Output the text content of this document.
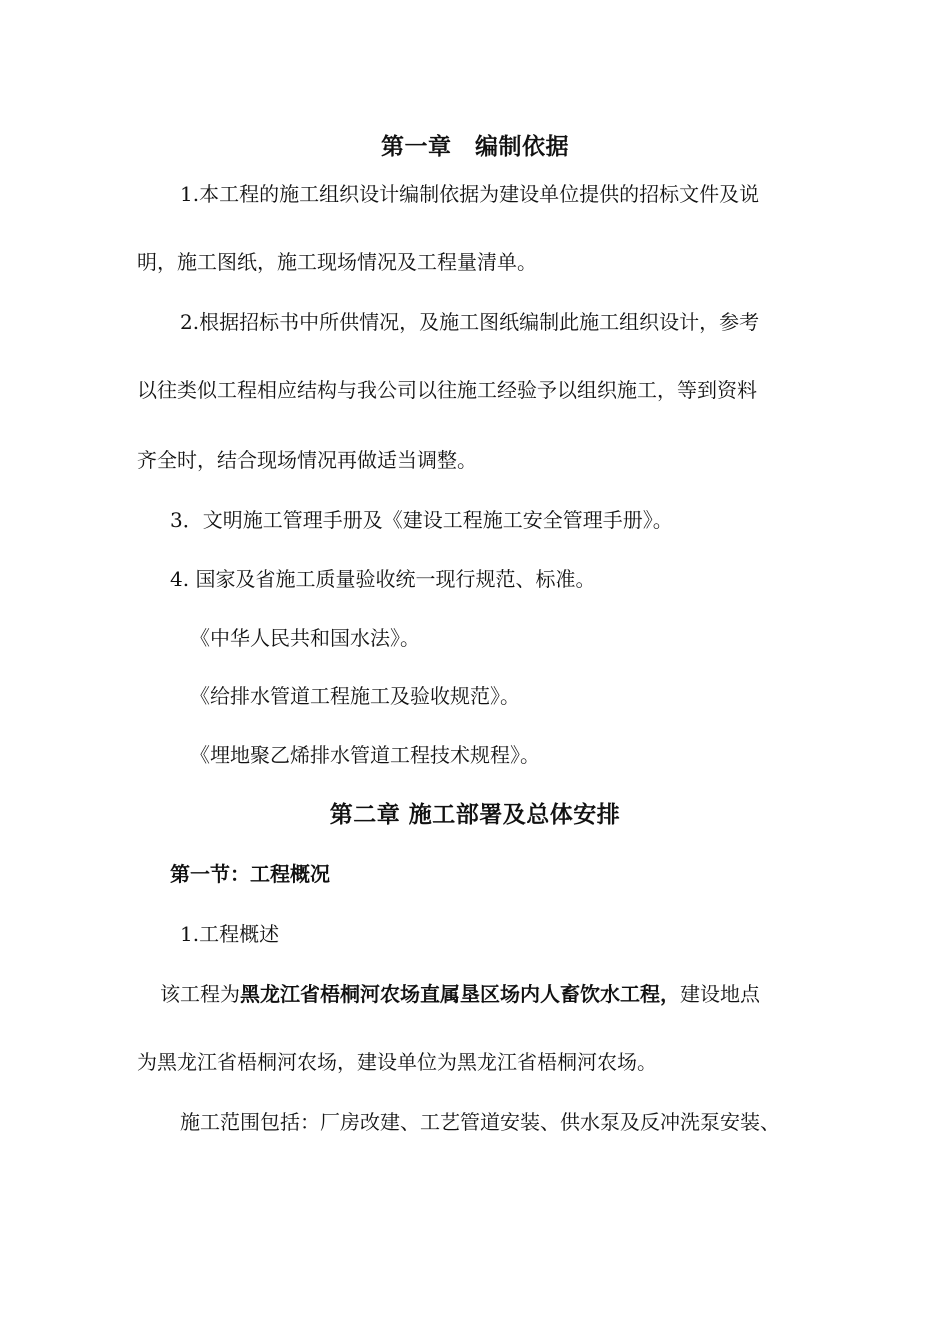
第一章　编制依据

1.本工程的施工组织设计编制依据为建设单位提供的招标文件及说

明，施工图纸，施工现场情况及工程量清单。

2.根据招标书中所供情况，及施工图纸编制此施工组织设计，参考

以往类似工程相应结构与我公司以往施工经验予以组织施工，等到资料

齐全时，结合现场情况再做适当调整。

3．文明施工管理手册及《建设工程施工安全管理手册》。

4. 国家及省施工质量验收统一现行规范、标准。

《中华人民共和国水法》。

《给排水管道工程施工及验收规范》。

《埋地聚乙烯排水管道工程技术规程》。

第二章 施工部署及总体安排
第一节：工程概况

1.工程概述

该工程为黑龙江省梧桐河农场直属垦区场内人畜饮水工程，建设地点

为黑龙江省梧桐河农场，建设单位为黑龙江省梧桐河农场。

施工范围包括：厂房改建、工艺管道安装、供水泵及反冲洗泵安装、
